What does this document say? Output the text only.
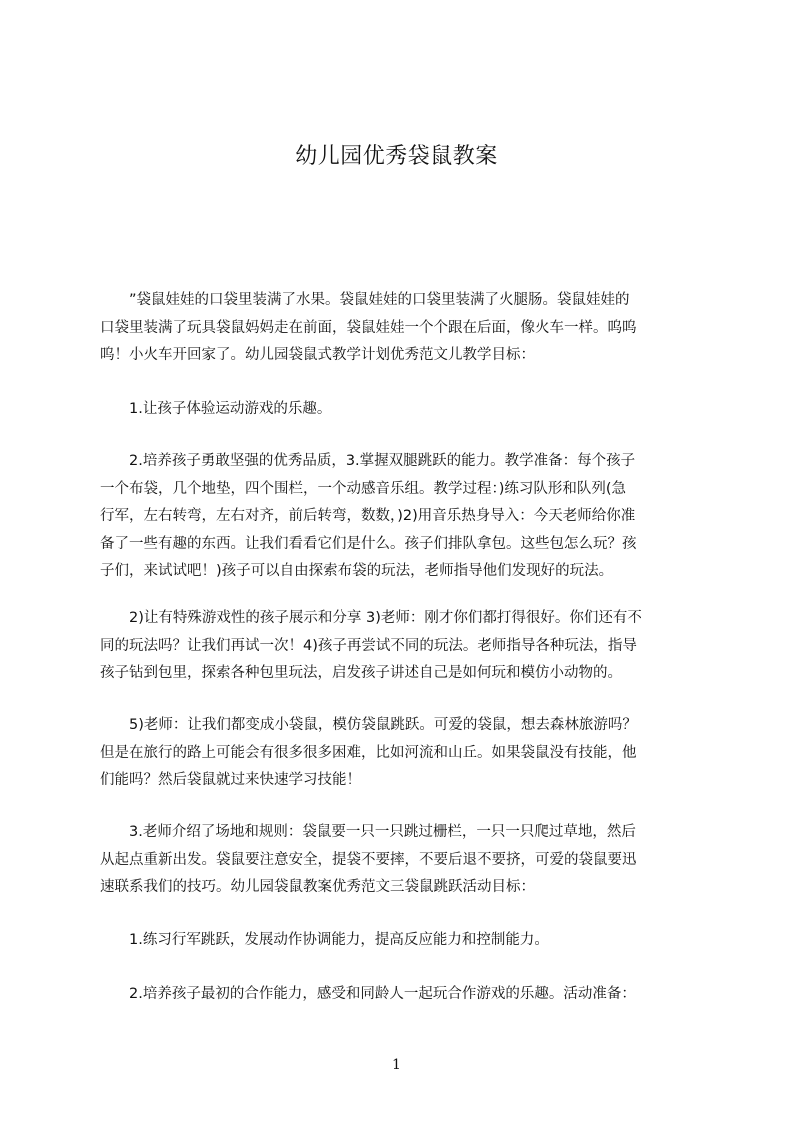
幼儿园优秀袋鼠教案
　　”袋鼠娃娃的口袋里装满了水果。袋鼠娃娃的口袋里装满了火腿肠。袋鼠娃娃的
口袋里装满了玩具袋鼠妈妈走在前面，袋鼠娃娃一个个跟在后面，像火车一样。呜呜
呜！小火车开回家了。幼儿园袋鼠式教学计划优秀范文儿教学目标：
　　1.让孩子体验运动游戏的乐趣。
　　2.培养孩子勇敢坚强的优秀品质，3.掌握双腿跳跃的能力。教学准备：每个孩子
一个布袋，几个地垫，四个围栏，一个动感音乐组。教学过程：)练习队形和队列(急
行军，左右转弯，左右对齐，前后转弯，数数，)2)用音乐热身导入：今天老师给你准
备了一些有趣的东西。让我们看看它们是什么。孩子们排队拿包。这些包怎么玩？孩
子们，来试试吧！)孩子可以自由探索布袋的玩法，老师指导他们发现好的玩法。
　　2)让有特殊游戏性的孩子展示和分享 3)老师：刚才你们都打得很好。你们还有不
同的玩法吗？让我们再试一次！4)孩子再尝试不同的玩法。老师指导各种玩法，指导
孩子钻到包里，探索各种包里玩法，启发孩子讲述自己是如何玩和模仿小动物的。
　　5)老师：让我们都变成小袋鼠，模仿袋鼠跳跃。可爱的袋鼠，想去森林旅游吗？
但是在旅行的路上可能会有很多很多困难，比如河流和山丘。如果袋鼠没有技能，他
们能吗？然后袋鼠就过来快速学习技能！
　　3.老师介绍了场地和规则：袋鼠要一只一只跳过栅栏，一只一只爬过草地，然后
从起点重新出发。袋鼠要注意安全，提袋不要摔，不要后退不要挤，可爱的袋鼠要迅
速联系我们的技巧。幼儿园袋鼠教案优秀范文三袋鼠跳跃活动目标：
　　1.练习行军跳跃，发展动作协调能力，提高反应能力和控制能力。
　　2.培养孩子最初的合作能力，感受和同龄人一起玩合作游戏的乐趣。活动准备：
1
